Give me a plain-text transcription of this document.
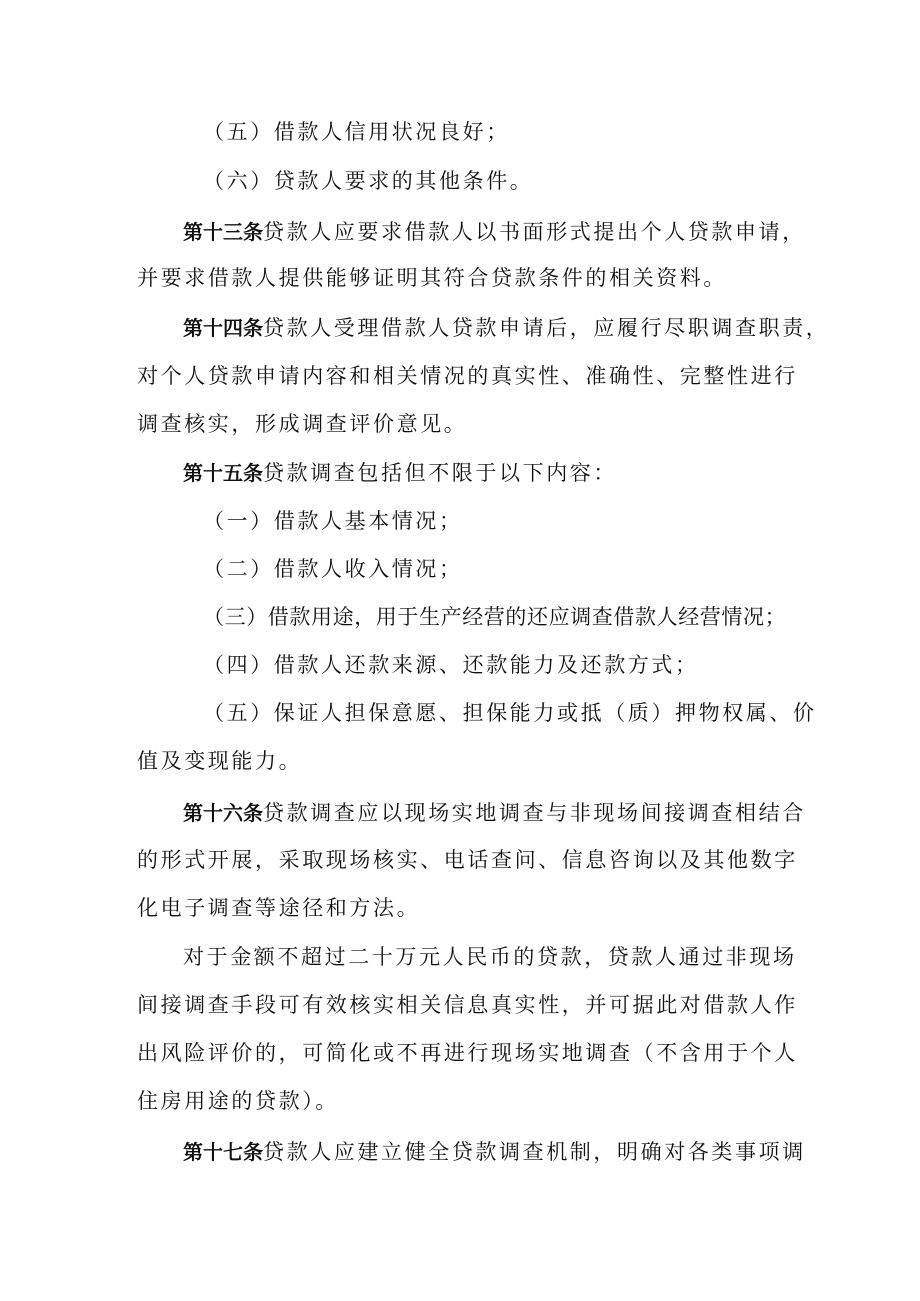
（五）借款人信用状况良好；
（六）贷款人要求的其他条件。
第十三条贷款人应要求借款人以书面形式提出个人贷款申请，
并要求借款人提供能够证明其符合贷款条件的相关资料。
第十四条贷款人受理借款人贷款申请后，应履行尽职调查职责，
对个人贷款申请内容和相关情况的真实性、准确性、完整性进行
调查核实，形成调查评价意见。
第十五条贷款调查包括但不限于以下内容：
（一）借款人基本情况；
（二）借款人收入情况；
（三）借款用途，用于生产经营的还应调查借款人经营情况；
（四）借款人还款来源、还款能力及还款方式；
（五）保证人担保意愿、担保能力或抵（质）押物权属、价
值及变现能力。
第十六条贷款调查应以现场实地调查与非现场间接调查相结合
的形式开展，采取现场核实、电话查问、信息咨询以及其他数字
化电子调查等途径和方法。
对于金额不超过二十万元人民币的贷款，贷款人通过非现场
间接调查手段可有效核实相关信息真实性，并可据此对借款人作
出风险评价的，可简化或不再进行现场实地调查（不含用于个人
住房用途的贷款）。
第十七条贷款人应建立健全贷款调查机制，明确对各类事项调
